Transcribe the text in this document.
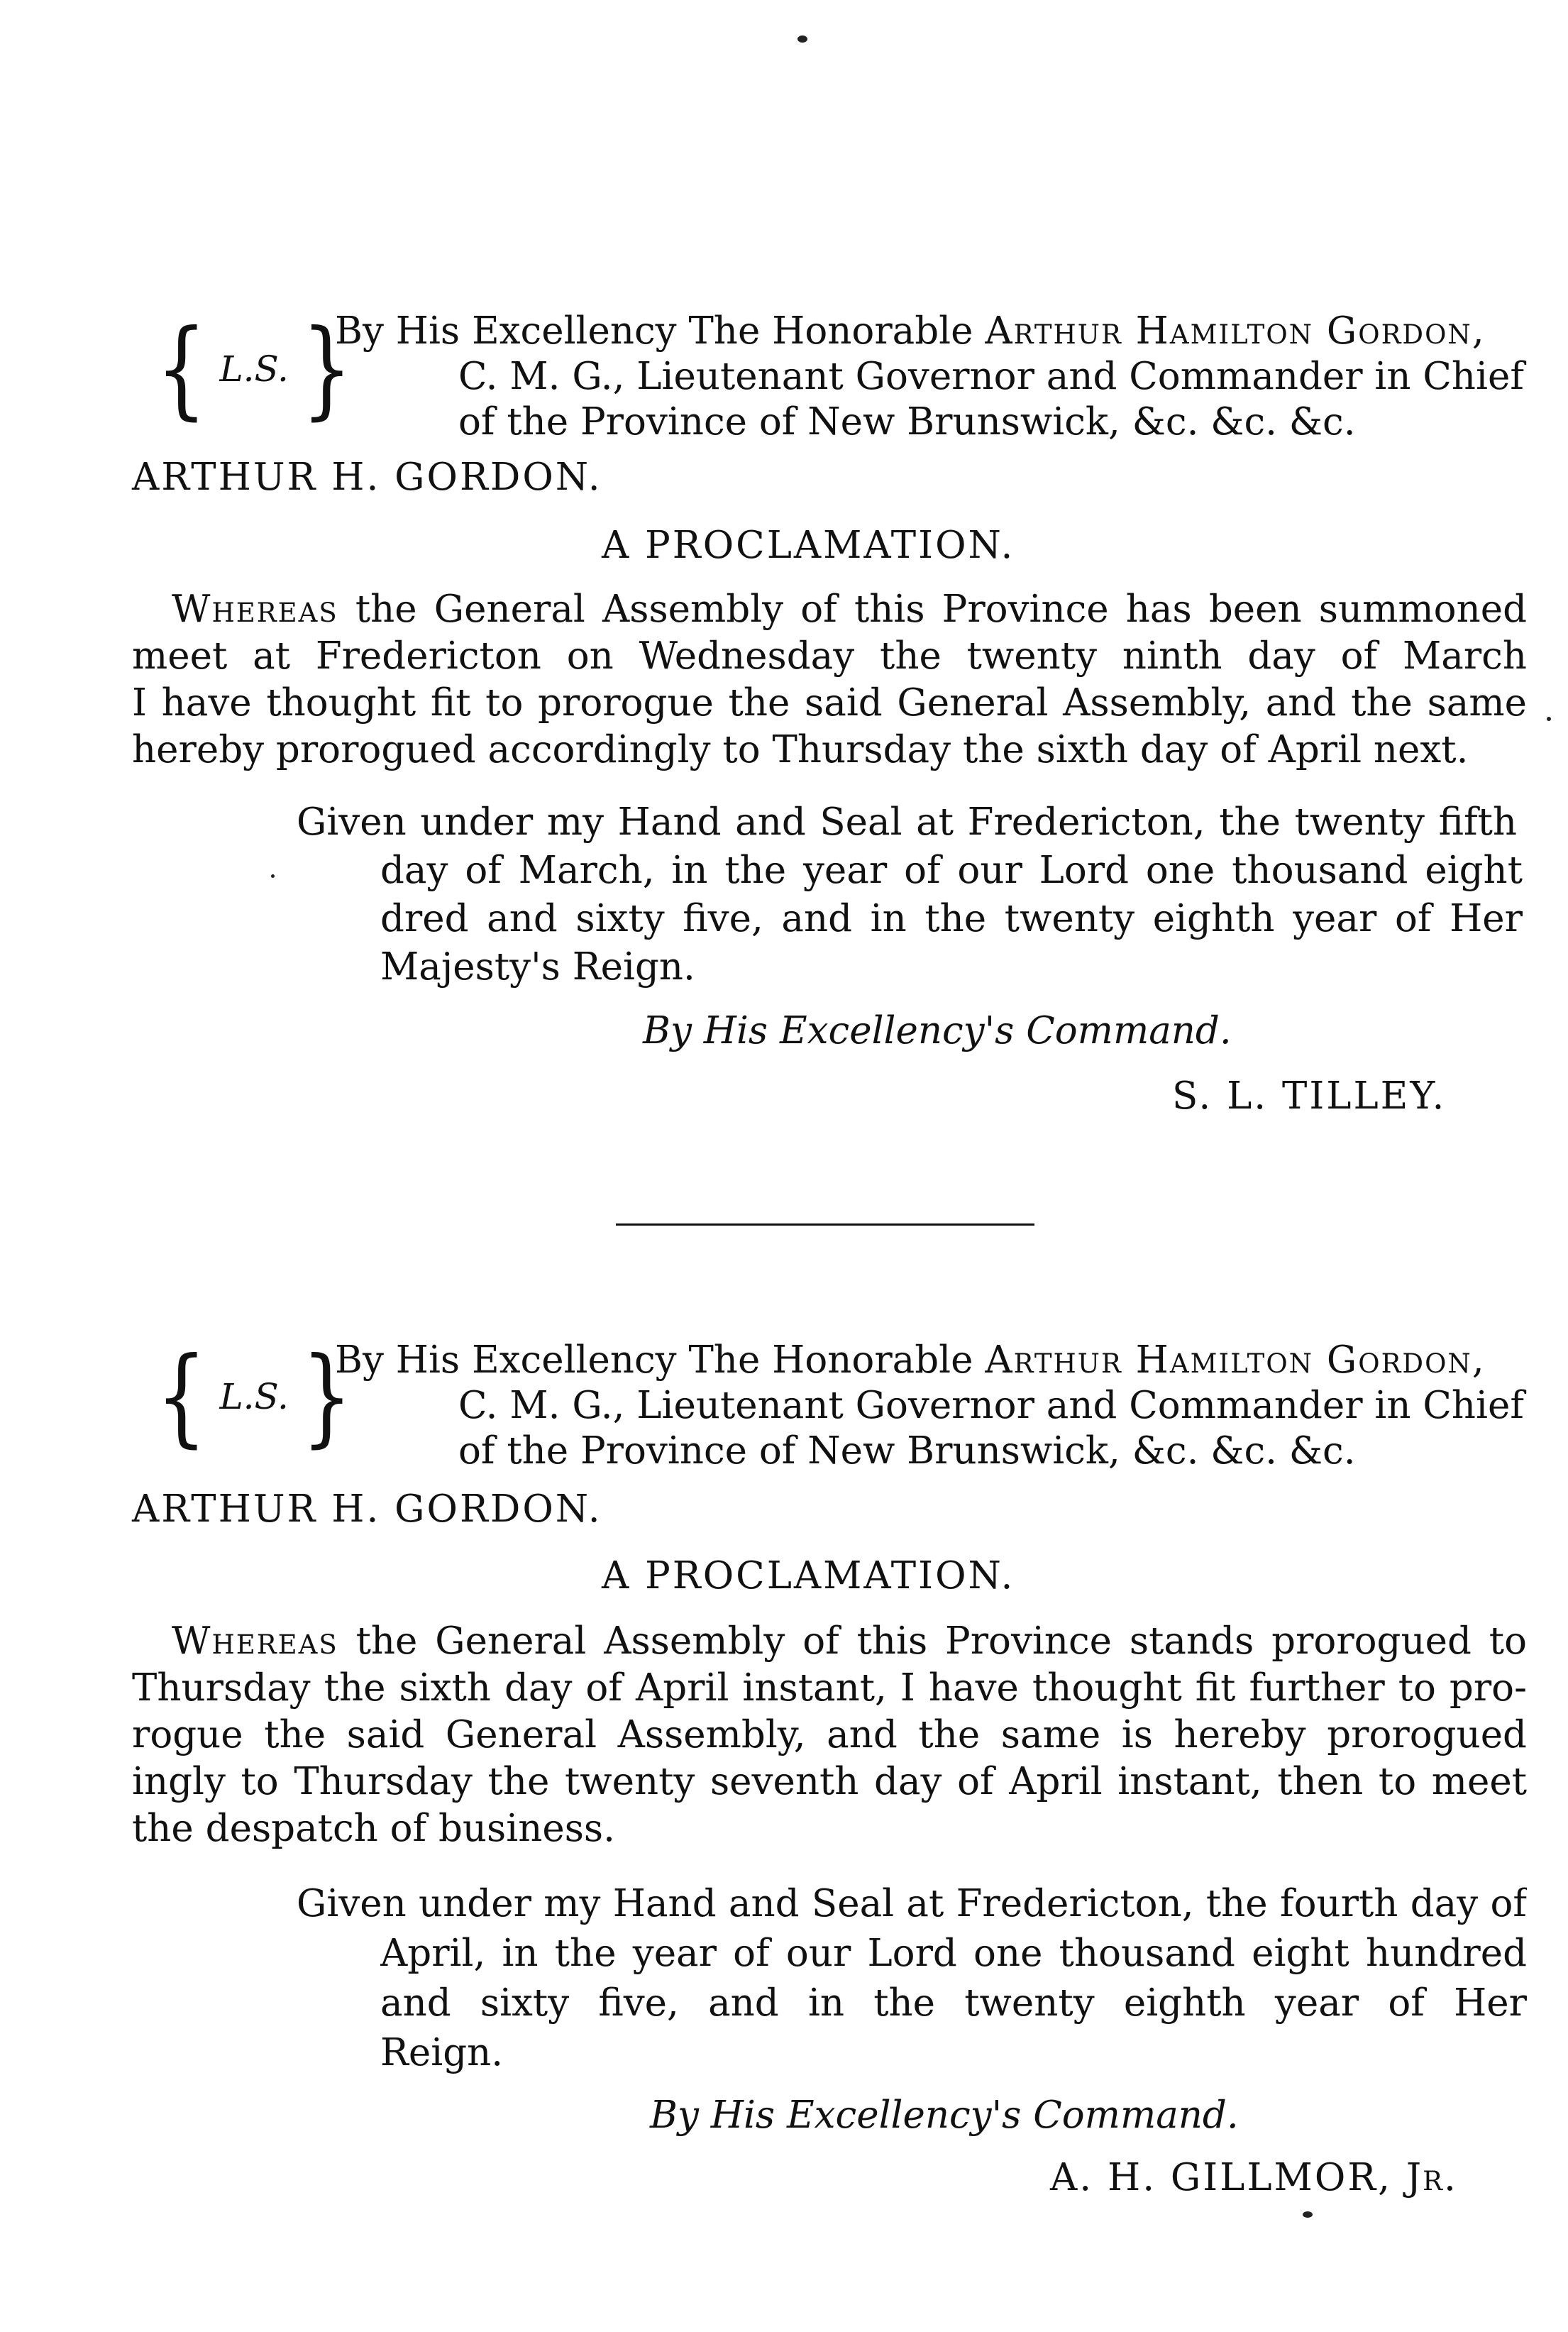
{ L.S. }
By His Excellency The Honorable Arthur Hamilton Gordon,
C. M. G., Lieutenant Governor and Commander in Chief
of the Province of New Brunswick, &c. &c. &c.
ARTHUR H. GORDON.
A PROCLAMATION.
Whereas the General Assembly of this Province has been summoned
meet at Fredericton on Wednesday the twenty ninth day of March
I have thought fit to prorogue the said General Assembly, and the same
hereby prorogued accordingly to Thursday the sixth day of April next.
Given under my Hand and Seal at Fredericton, the twenty fifth
day of March, in the year of our Lord one thousand eight
dred and sixty five, and in the twenty eighth year of Her
Majesty's Reign.
By His Excellency's Command.
S. L. TILLEY.
{ L.S. }
By His Excellency The Honorable Arthur Hamilton Gordon,
C. M. G., Lieutenant Governor and Commander in Chief
of the Province of New Brunswick, &c. &c. &c.
ARTHUR H. GORDON.
A PROCLAMATION.
Whereas the General Assembly of this Province stands prorogued to
Thursday the sixth day of April instant, I have thought fit further to pro-
rogue the said General Assembly, and the same is hereby prorogued
ingly to Thursday the twenty seventh day of April instant, then to meet
the despatch of business.
Given under my Hand and Seal at Fredericton, the fourth day of
April, in the year of our Lord one thousand eight hundred
and sixty five, and in the twenty eighth year of Her
Reign.
By His Excellency's Command.
A. H. GILLMOR, Jr.
